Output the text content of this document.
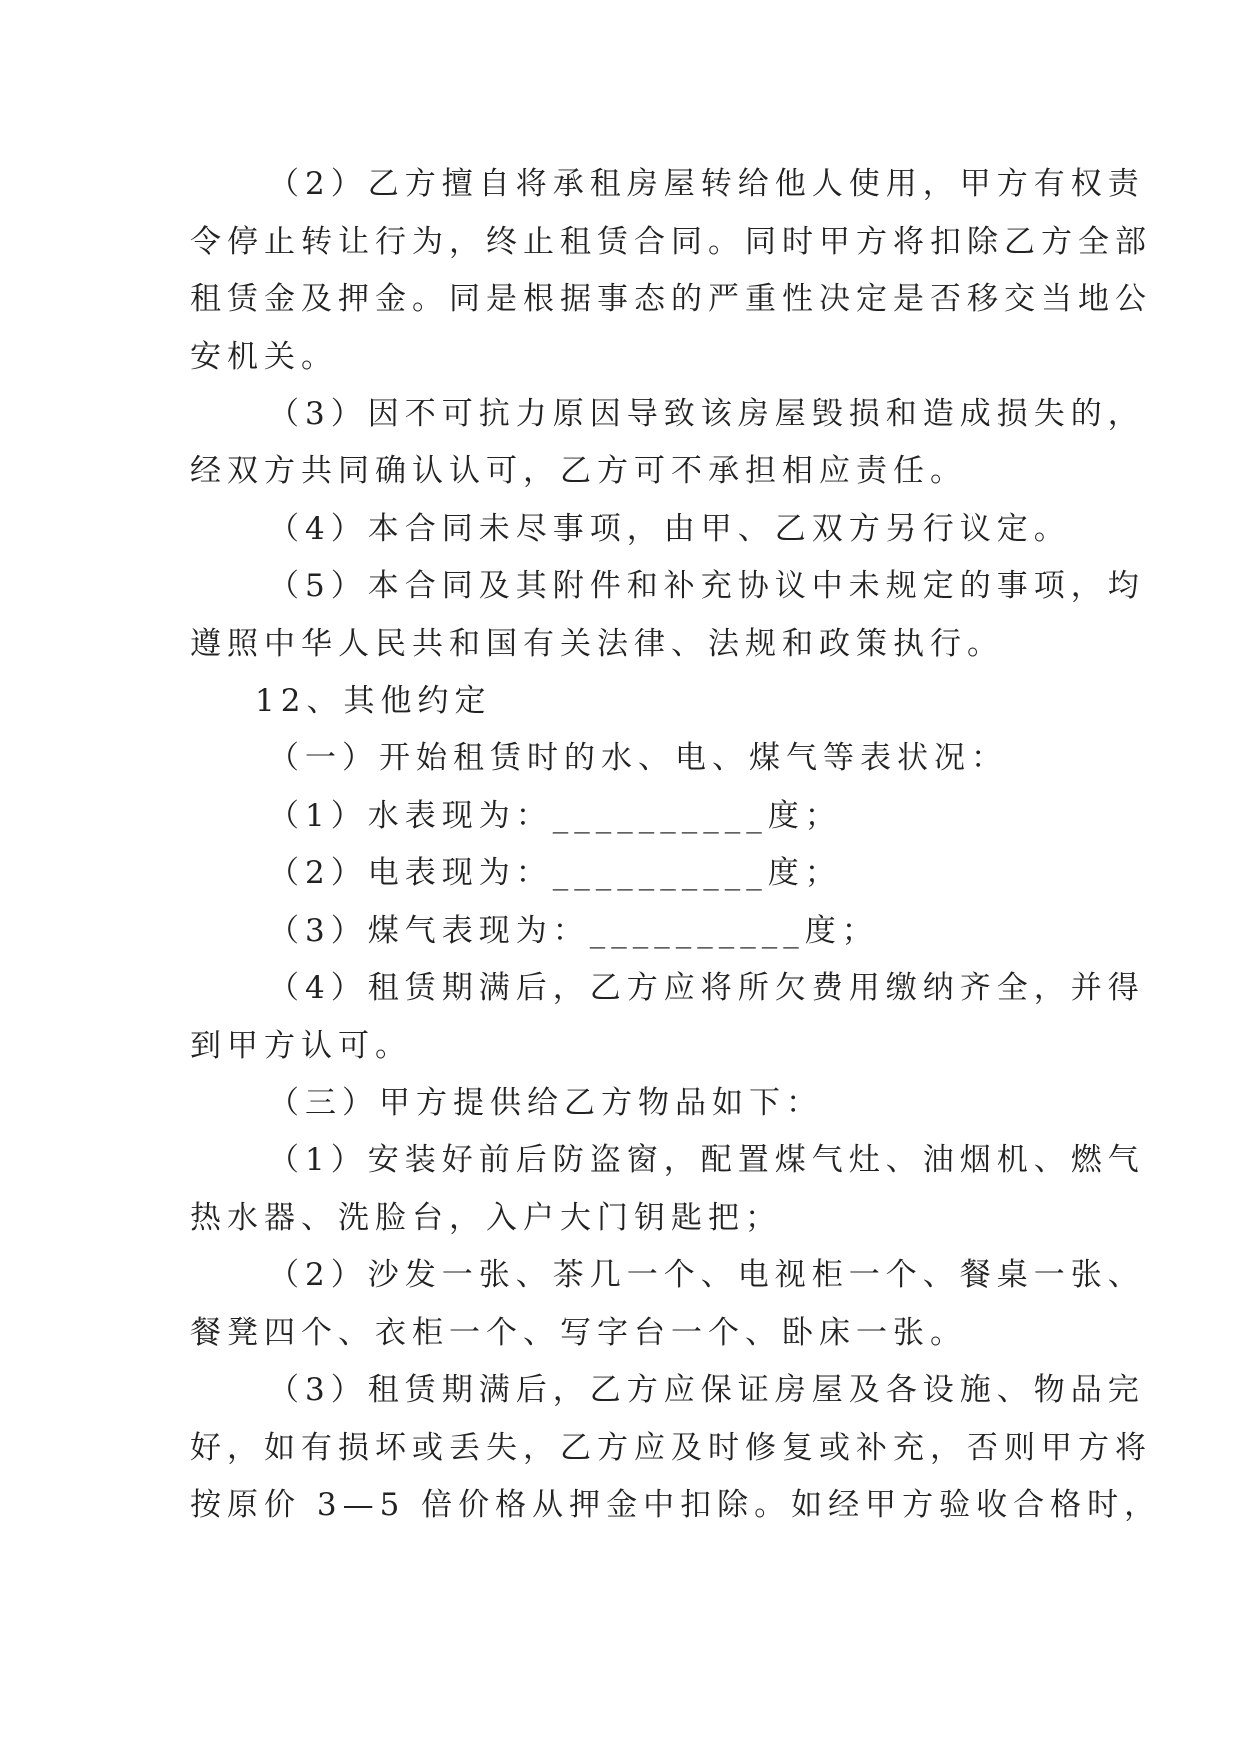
（2）乙方擅自将承租房屋转给他人使用，甲方有权责
令停止转让行为，终止租赁合同。同时甲方将扣除乙方全部
租赁金及押金。同是根据事态的严重性决定是否移交当地公
安机关。
（3）因不可抗力原因导致该房屋毁损和造成损失的，
经双方共同确认认可，乙方可不承担相应责任。
（4）本合同未尽事项，由甲、乙双方另行议定。
（5）本合同及其附件和补充协议中未规定的事项，均
遵照中华人民共和国有关法律、法规和政策执行。
12、其他约定
（一）开始租赁时的水、电、煤气等表状况：
（1）水表现为：__________度；
（2）电表现为：__________度；
（3）煤气表现为：__________度；
（4）租赁期满后，乙方应将所欠费用缴纳齐全，并得
到甲方认可。
（三）甲方提供给乙方物品如下：
（1）安装好前后防盗窗，配置煤气灶、油烟机、燃气
热水器、洗脸台，入户大门钥匙把；
（2）沙发一张、茶几一个、电视柜一个、餐桌一张、
餐凳四个、衣柜一个、写字台一个、卧床一张。
（3）租赁期满后，乙方应保证房屋及各设施、物品完
好，如有损坏或丢失，乙方应及时修复或补充，否则甲方将
按原价 3—5 倍价格从押金中扣除。如经甲方验收合格时，
